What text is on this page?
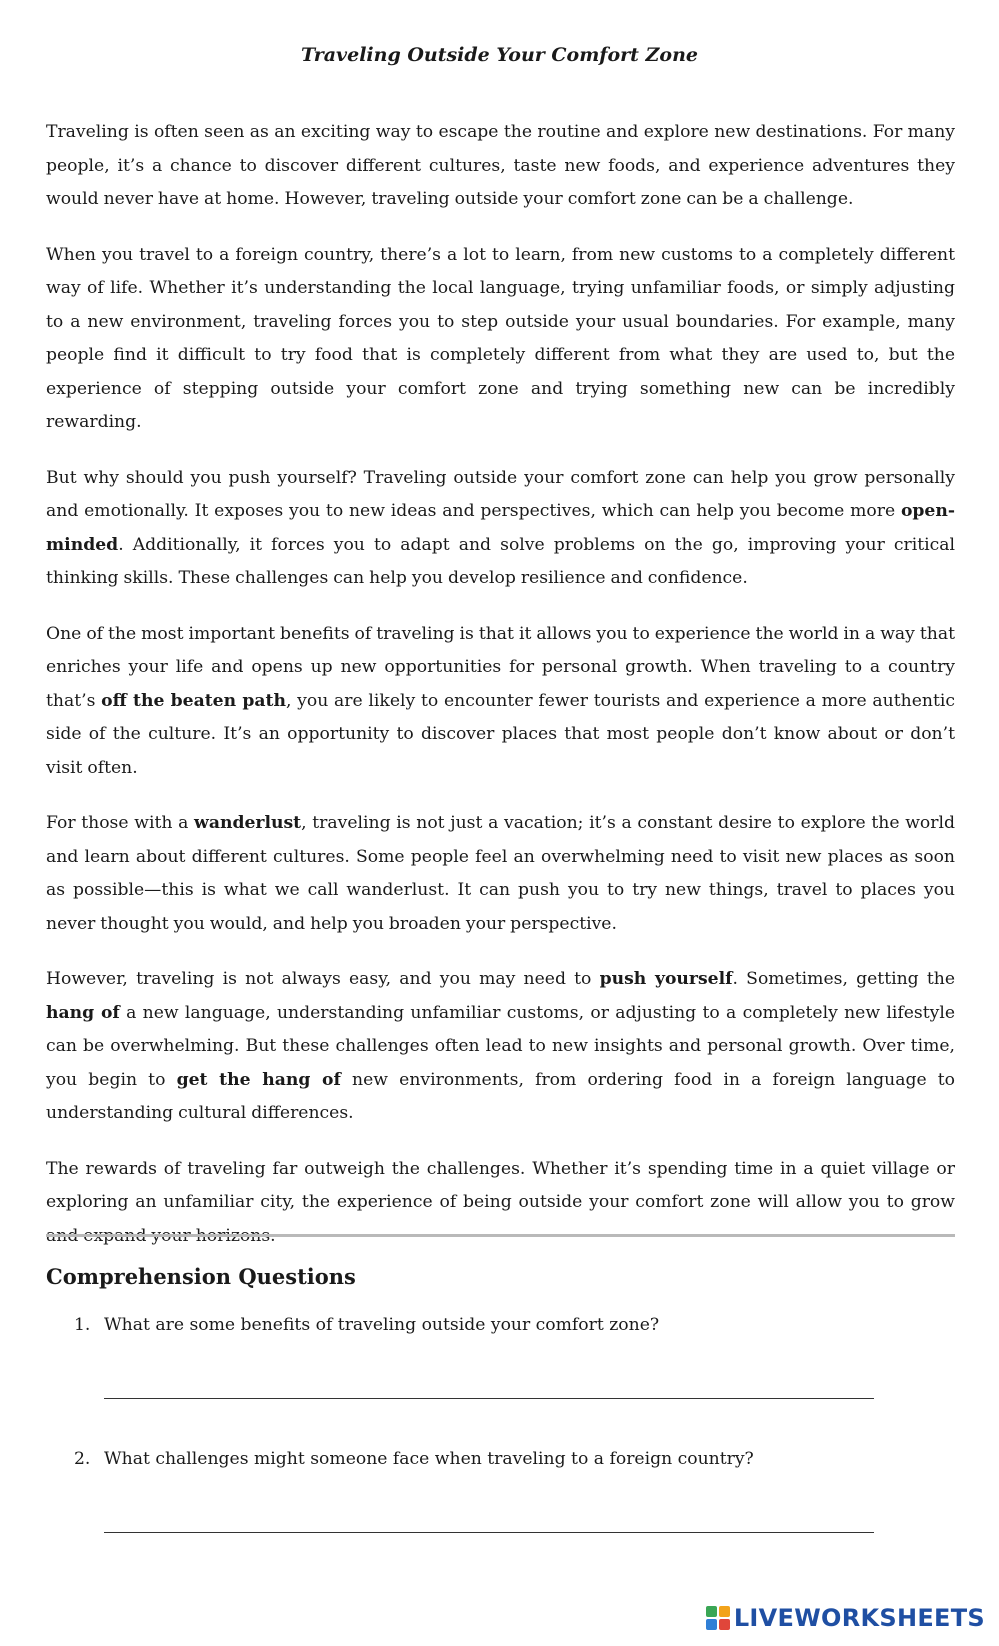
Traveling Outside Your Comfort Zone

Traveling is often seen as an exciting way to escape the routine and explore new destinations. For many people, it’s a chance to discover different cultures, taste new foods, and experience adventures they would never have at home. However, traveling outside your comfort zone can be a challenge.

When you travel to a foreign country, there’s a lot to learn, from new customs to a completely different way of life. Whether it’s understanding the local language, trying unfamiliar foods, or simply adjusting to a new environment, traveling forces you to step outside your usual boundaries. For example, many people find it difficult to try food that is completely different from what they are used to, but the experience of stepping outside your comfort zone and trying something new can be incredibly rewarding.

But why should you push yourself? Traveling outside your comfort zone can help you grow personally and emotionally. It exposes you to new ideas and perspectives, which can help you become more open-minded. Additionally, it forces you to adapt and solve problems on the go, improving your critical thinking skills. These challenges can help you develop resilience and confidence.

One of the most important benefits of traveling is that it allows you to experience the world in a way that enriches your life and opens up new opportunities for personal growth. When traveling to a country that’s off the beaten path, you are likely to encounter fewer tourists and experience a more authentic side of the culture. It’s an opportunity to discover places that most people don’t know about or don’t visit often.

For those with a wanderlust, traveling is not just a vacation; it’s a constant desire to explore the world and learn about different cultures. Some people feel an overwhelming need to visit new places as soon as possible—this is what we call wanderlust. It can push you to try new things, travel to places you never thought you would, and help you broaden your perspective.

However, traveling is not always easy, and you may need to push yourself. Sometimes, getting the hang of a new language, understanding unfamiliar customs, or adjusting to a completely new lifestyle can be overwhelming. But these challenges often lead to new insights and personal growth. Over time, you begin to get the hang of new environments, from ordering food in a foreign language to understanding cultural differences.

The rewards of traveling far outweigh the challenges. Whether it’s spending time in a quiet village or exploring an unfamiliar city, the experience of being outside your comfort zone will allow you to grow and expand your horizons.

Comprehension Questions

1. What are some benefits of traveling outside your comfort zone?

2. What challenges might someone face when traveling to a foreign country?

LIVEWORKSHEETS
